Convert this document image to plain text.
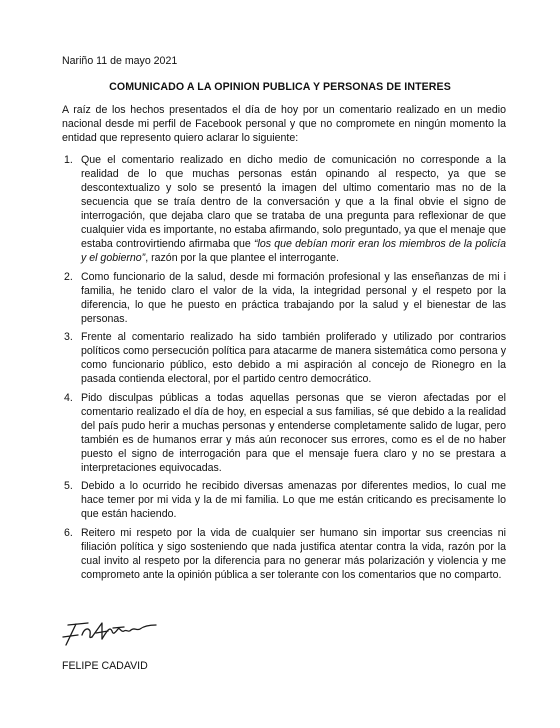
Nariño 11 de mayo 2021
COMUNICADO A LA OPINION PUBLICA Y PERSONAS DE INTERES

A raíz de los hechos presentados el día de hoy por un comentario realizado en un medio nacional desde mi perfil de Facebook personal y que no compromete en ningún momento la entidad que represento quiero aclarar lo siguiente:

1. Que el comentario realizado en dicho medio de comunicación no corresponde a la realidad de lo que muchas personas están opinando al respecto, ya que se descontextualizo y solo se presentó la imagen del ultimo comentario mas no de la secuencia que se traía dentro de la conversación y que a la final obvie el signo de interrogación, que dejaba claro que se trataba de una pregunta para reflexionar de que cualquier vida es importante, no estaba afirmando, solo preguntado, ya que el menaje que estaba controvirtiendo afirmaba que “los que debían morir eran los miembros de la policía y el gobierno”, razón por la que plantee el interrogante.
2. Como funcionario de la salud, desde mi formación profesional y las enseñanzas de mi i familia, he tenido claro el valor de la vida, la integridad personal y el respeto por la diferencia, lo que he puesto en práctica trabajando por la salud y el bienestar de las personas.
3. Frente al comentario realizado ha sido también proliferado y utilizado por contrarios políticos como persecución política para atacarme de manera sistemática como persona y como funcionario público, esto debido a mi aspiración al concejo de Rionegro en la pasada contienda electoral, por el partido centro democrático.
4. Pido disculpas públicas a todas aquellas personas que se vieron afectadas por el comentario realizado el día de hoy, en especial a sus familias, sé que debido a la realidad del país pudo herir a muchas personas y entenderse completamente salido de lugar, pero también es de humanos errar y más aún reconocer sus errores, como es el de no haber puesto el signo de interrogación para que el mensaje fuera claro y no se prestara a interpretaciones equivocadas.
5. Debido a lo ocurrido he recibido diversas amenazas por diferentes medios, lo cual me hace temer por mi vida y la de mi familia. Lo que me están criticando es precisamente lo que están haciendo.
6. Reitero mi respeto por la vida de cualquier ser humano sin importar sus creencias ni filiación política y sigo sosteniendo que nada justifica atentar contra la vida, razón por la cual invito al respeto por la diferencia para no generar más polarización y violencia y me comprometo ante la opinión pública a ser tolerante con los comentarios que no comparto.
FELIPE CADAVID
